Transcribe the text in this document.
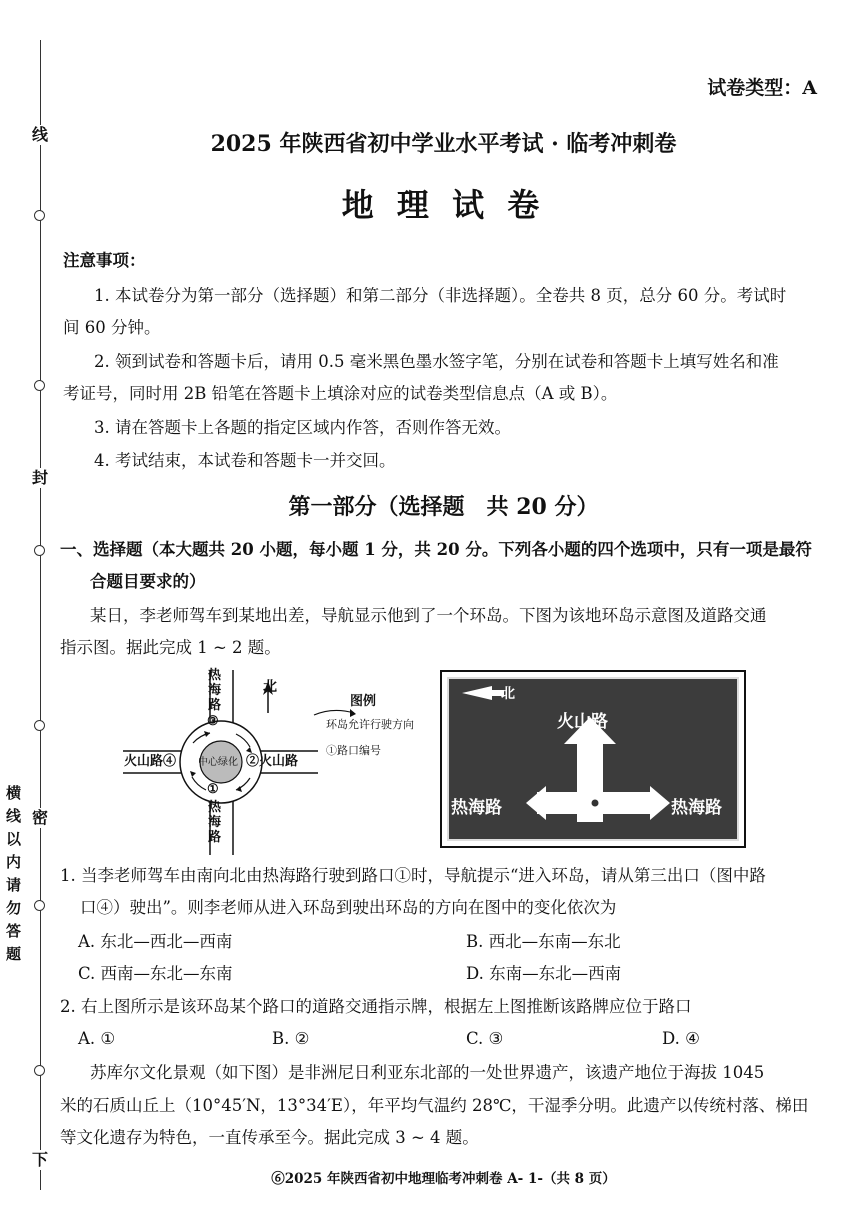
线
封
密
下
横线以内请勿答题
试卷类型：A
2025 年陕西省初中学业水平考试 · 临考冲刺卷
地 理 试 卷
注意事项：
1. 本试卷分为第一部分（选择题）和第二部分（非选择题）。全卷共 8 页，总分 60 分。考试时
间 60 分钟。
2. 领到试卷和答题卡后，请用 0.5 毫米黑色墨水签字笔，分别在试卷和答题卡上填写姓名和准
考证号，同时用 2B 铅笔在答题卡上填涂对应的试卷类型信息点（A 或 B）。
3. 请在答题卡上各题的指定区域内作答，否则作答无效。
4. 考试结束，本试卷和答题卡一并交回。
第一部分（选择题　共 20 分）
一、选择题（本大题共 20 小题，每小题 1 分，共 20 分。下列各小题的四个选项中，只有一项是最符
合题目要求的）
某日，李老师驾车到某地出差，导航显示他到了一个环岛。下图为该地环岛示意图及道路交通
指示图。据此完成 1 ~ 2 题。
热海路
③
①
热海路
火山路④	②火山路
中心绿化
北
图例
环岛允许行驶方向
①路口编号
北
火山路
热海路	热海路
1. 当李老师驾车由南向北由热海路行驶到路口①时，导航提示“进入环岛，请从第三出口（图中路
口④）驶出”。则李老师从进入环岛到驶出环岛的方向在图中的变化依次为
A. 东北—西北—西南	B. 西北—东南—东北
C. 西南—东北—东南	D. 东南—东北—西南
2. 右上图所示是该环岛某个路口的道路交通指示牌，根据左上图推断该路牌应位于路口
A. ①	B. ②	C. ③	D. ④
苏库尔文化景观（如下图）是非洲尼日利亚东北部的一处世界遗产，该遗产地位于海拔 1045
米的石质山丘上（10°45′N，13°34′E），年平均气温约 28℃，干湿季分明。此遗产以传统村落、梯田
等文化遗存为特色，一直传承至今。据此完成 3 ~ 4 题。
⑥2025 年陕西省初中地理临考冲刺卷 A- 1-（共 8 页）
